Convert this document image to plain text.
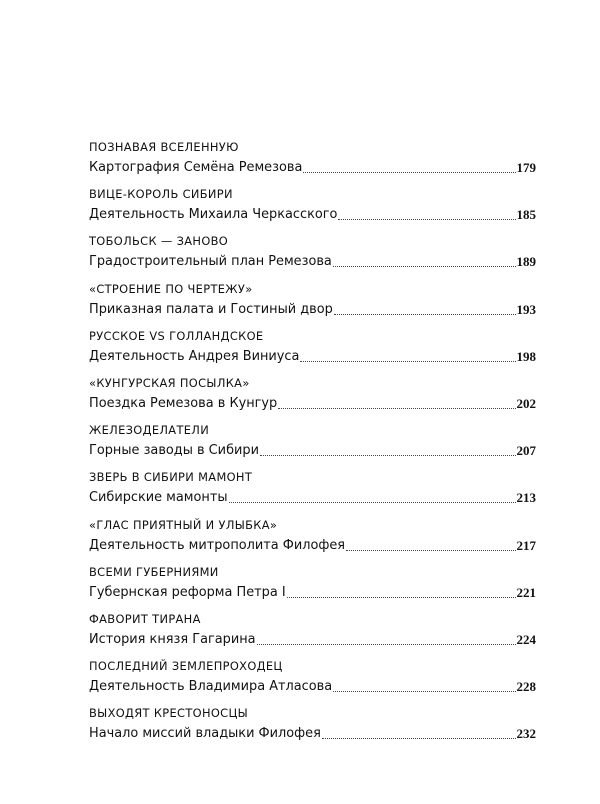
ПОЗНАВАЯ ВСЕЛЕННУЮ
Картография Семёна Ремезова	179
ВИЦЕ-КОРОЛЬ СИБИРИ
Деятельность Михаила Черкасского	185
ТОБОЛЬСК — ЗАНОВО
Градостроительный план Ремезова	189
«СТРОЕНИЕ ПО ЧЕРТЕЖУ»
Приказная палата и Гостиный двор	193
РУССКОЕ VS ГОЛЛАНДСКОЕ
Деятельность Андрея Виниуса	198
«КУНГУРСКАЯ ПОСЫЛКА»
Поездка Ремезова в Кунгур	202
ЖЕЛЕЗОДЕЛАТЕЛИ
Горные заводы в Сибири	207
ЗВЕРЬ В СИБИРИ МАМОНТ
Сибирские мамонты	213
«ГЛАС ПРИЯТНЫЙ И УЛЫБКА»
Деятельность митрополита Филофея	217
ВСЕМИ ГУБЕРНИЯМИ
Губернская реформа Петра I	221
ФАВОРИТ ТИРАНА
История князя Гагарина	224
ПОСЛЕДНИЙ ЗЕМЛЕПРОХОДЕЦ
Деятельность Владимира Атласова	228
ВЫХОДЯТ КРЕСТОНОСЦЫ
Начало миссий владыки Филофея	232
